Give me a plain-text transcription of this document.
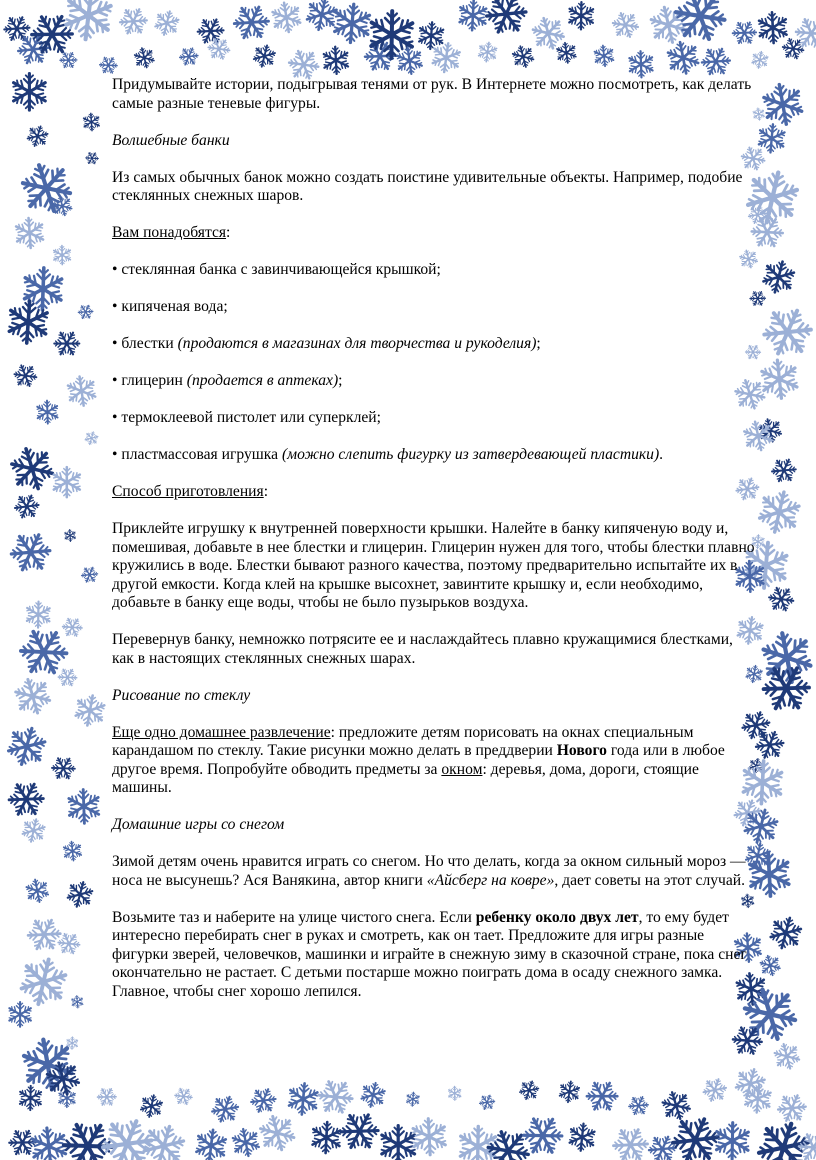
Придумывайте истории, подыгрывая тенями от рук. В Интернете можно посмотреть, как делать самые разные теневые фигуры.

Волшебные банки

Из самых обычных банок можно создать поистине удивительные объекты. Например, подобие стеклянных снежных шаров.

Вам понадобятся:

• стеклянная банка с завинчивающейся крышкой;

• кипяченая вода;

• блестки (продаются в магазинах для творчества и рукоделия);

• глицерин (продается в аптеках);

• термоклеевой пистолет или суперклей;

• пластмассовая игрушка (можно слепить фигурку из затвердевающей пластики).

Способ приготовления:

Приклейте игрушку к внутренней поверхности крышки. Налейте в банку кипяченую воду и, помешивая, добавьте в нее блестки и глицерин. Глицерин нужен для того, чтобы блестки плавно кружились в воде. Блестки бывают разного качества, поэтому предварительно испытайте их в другой емкости. Когда клей на крышке высохнет, завинтите крышку и, если необходимо, добавьте в банку еще воды, чтобы не было пузырьков воздуха.

Перевернув банку, немножко потрясите ее и наслаждайтесь плавно кружащимися блестками, как в настоящих стеклянных снежных шарах.

Рисование по стеклу

Еще одно домашнее развлечение: предложите детям порисовать на окнах специальным карандашом по стеклу. Такие рисунки можно делать в преддверии Нового года или в любое другое время. Попробуйте обводить предметы за окном: деревья, дома, дороги, стоящие машины.

Домашние игры со снегом

Зимой детям очень нравится играть со снегом. Но что делать, когда за окном сильный мороз — носа не высунешь? Ася Ванякина, автор книги «Айсберг на ковре», дает советы на этот случай.

Возьмите таз и наберите на улице чистого снега. Если ребенку около двух лет, то ему будет интересно перебирать снег в руках и смотреть, как он тает. Предложите для игры разные фигурки зверей, человечков, машинки и играйте в снежную зиму в сказочной стране, пока снег окончательно не растает. С детьми постарше можно поиграть дома в осаду снежного замка. Главное, чтобы снег хорошо лепился.
